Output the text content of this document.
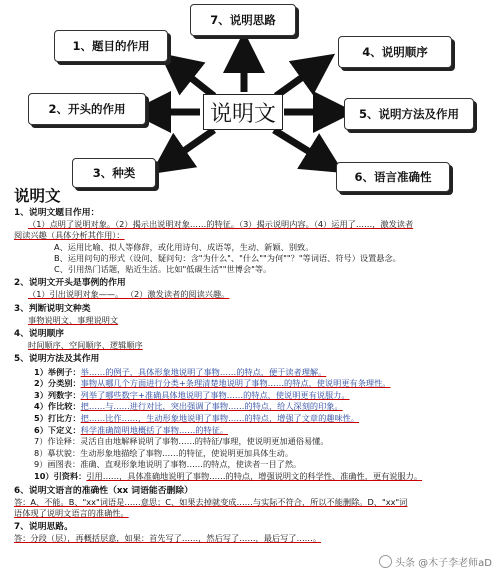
7、说明思路
1、题目的作用	4、说明顺序
2、开头的作用	5、说明方法及作用
3、种类	6、语言准确性
说明文
说明文
1、说明文题目作用：
（1）点明了说明对象。（2）揭示出说明对象……的特征。（3）揭示说明内容。（4）运用了……，激发读者
阅读兴趣（具体分析其作用）：
A、运用比喻、拟人等修辞，或化用诗句、成语等，生动、新颖、别致。
B、运用问句的形式（设问、疑问句：含"为什么"、"什么""为何""？"等词语、符号）设置悬念。
C、引用热门话题，贴近生活。比如"低碳生活""世博会"等。
2、说明文开头是事例的作用
（1）引出说明对象——。 （2）激发读者的阅读兴趣。
3、判断说明文种类
事物说明文、事理说明文
4、说明顺序
时间顺序、空间顺序、逻辑顺序
5、说明方法及其作用
1）举例子：举……的例子，具体形象地说明了事物……的特点，便于读者理解。
2）分类别：事物从哪几个方面进行分类+条理清楚地说明了事物……的特点，使说明更有条理性。
3）列数字：列举了哪些数字+准确具体地说明了事物……的特点，使说明更有说服力。
4）作比较：把……与……进行对比，突出强调了事物……的特点，给人深刻的印象。
5）打比方：把……比作……，生动形象地说明了事物……的特点，增强了文章的趣味性。
6）下定义：科学准确简明地概括了事物……的特征。
7）作诠释：灵活自由地解释说明了事物……的特征/事理，使说明更加通俗易懂。
8）摹状貌：生动形象地描绘了事物……的特征，使说明更加具体生动。
9）画图表：准确、直观形象地说明了事物……的特点，使读者一目了然。
10）引资料：引用……，具体准确地说明了事物……的特点，增强说明文的科学性、准确性，更有说服力。
6、说明文语言的准确性（xx 词语能否删除）
答：A、不能。B、"xx"词语是……意思；C、如果去掉就变成……与实际不符合，所以不能删除。D、"xx"词
语体现了说明文语言的准确性。
7、说明思路。
答：分段（层），再概括层意，如果：首先写了……，然后写了……，最后写了……。
头条 @木子李老师aD
